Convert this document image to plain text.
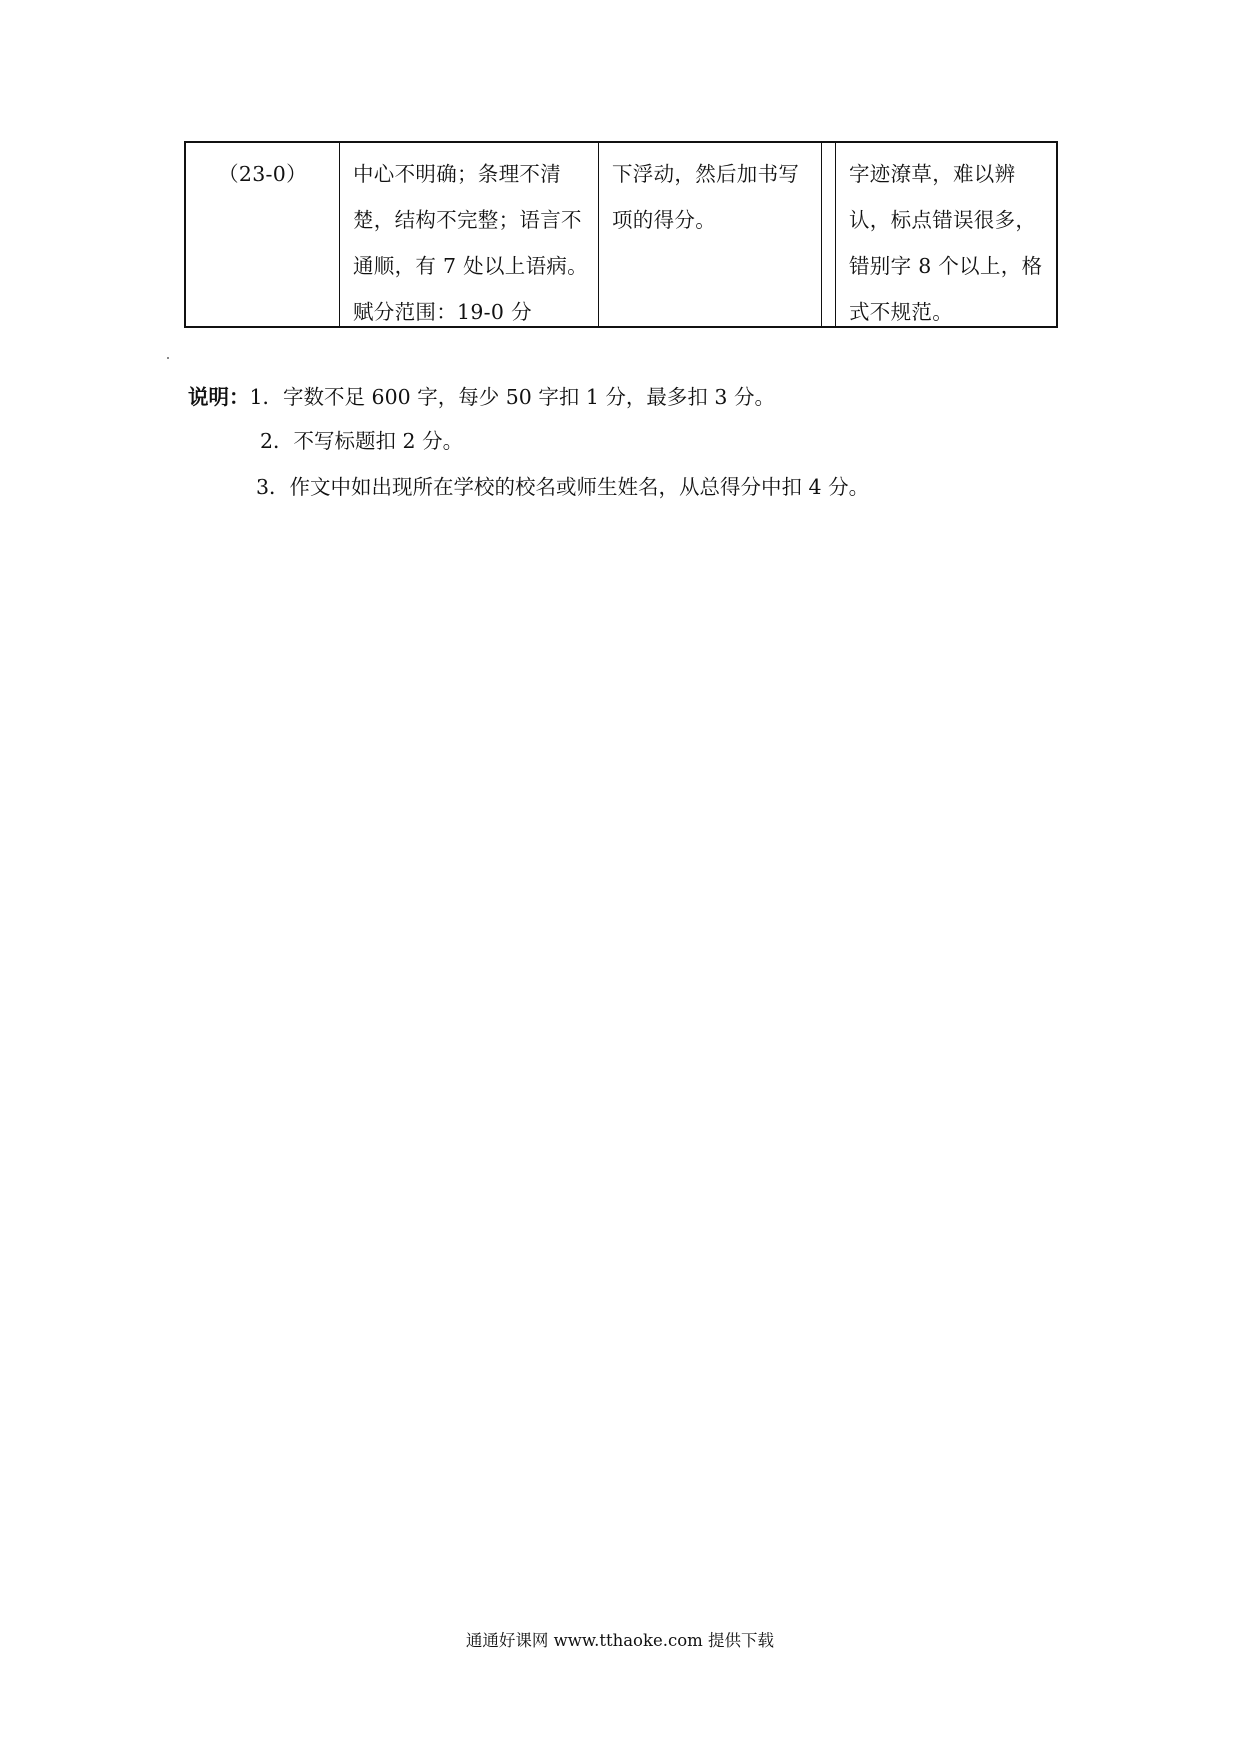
（23-0）	中心不明确；条理不清楚，结构不完整；语言不通顺，有 7 处以上语病。
赋分范围：19-0 分
下浮动，然后加书写项的得分。
字迹潦草，难以辨认，标点错误很多，错别字 8 个以上，格式不规范。
说明：1．字数不足 600 字，每少 50 字扣 1 分，最多扣 3 分。
2．不写标题扣 2 分。
3．作文中如出现所在学校的校名或师生姓名，从总得分中扣 4 分。
通通好课网 www.tthaoke.com 提供下载
